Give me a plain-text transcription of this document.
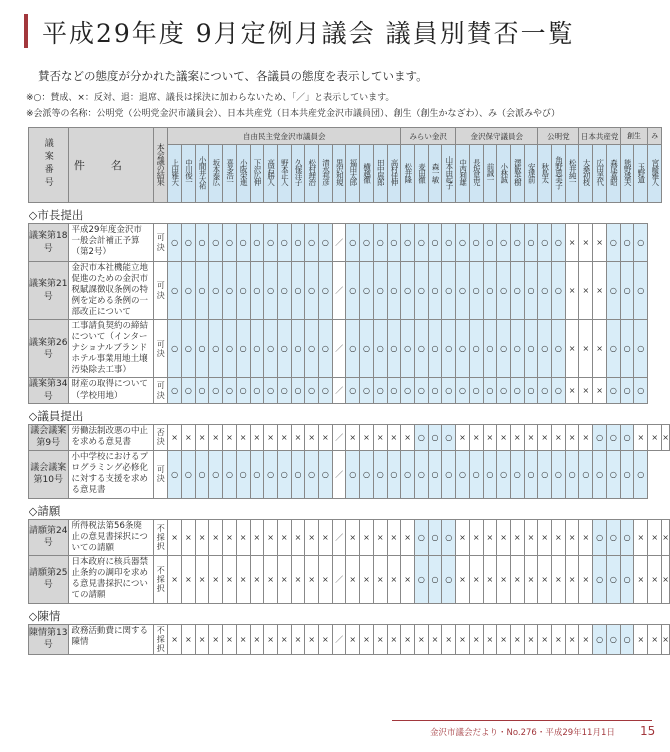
平成29年度 9月定例月議会 議員別賛否一覧
賛否などの態度が分かれた議案について、各議員の態度を表示しています。
※○：賛成、×：反対、退：退席、議長は採決に加わらないため、「／」と表示しています。
※会派等の名称：公明党（公明党金沢市議員会）、日本共産党（日本共産党金沢市議員団）、創生（創生かなざわ）、み（会派みやび）
議案番号	件名	本会議の結果	自由民主党金沢市議員会																	みらい金沢				金沢保守議員会						公明党			日本共産党			創生		み	
			上田雅大	中川俊一	小間井大祐	坂本泰広	喜多浩一	小阪栄進	下沢広伸	高岩勝人	野本正人	久保洋子	松村理治	清水邦彦	黒沢和規	福田太郎	横越徹	田中展郎	高村佳伸	松井隆	麦田徹	森一敏	山本由起子	中西利雄	長坂星児	前誠一	小林誠	澤飯英樹	安達前	秋島太	角野恵美子	松井純一	大桑初枝	広田美代	森尾嘉昭	熊野盛夫	玉野道	宮崎雅人	
◇市長提出																																							
議案第18号	平成29年度金沢市一般会計補正予算（第2号）	可決	○	○	○	○	○	○	○	○	○	○	○	○	／	○	○	○	○	○	○	○	○	○	○	○	○	○	○	○	○	×	×	×	○	○	○		
議案第21号	金沢市本社機能立地促進のための金沢市税賦課徴収条例の特例を定める条例の一部改正について	可決	○	○	○	○	○	○	○	○	○	○	○	○	／	○	○	○	○	○	○	○	○	○	○	○	○	○	○	○	○	×	×	×	○	○	○		
議案第26号	工事請負契約の締結について（インターナショナルブランドホテル事業用地土壌汚染除去工事）	可決	○	○	○	○	○	○	○	○	○	○	○	○	／	○	○	○	○	○	○	○	○	○	○	○	○	○	○	○	○	×	×	×	○	○	○		
議案第34号	財産の取得について（学校用地）	可決	○	○	○	○	○	○	○	○	○	○	○	○	／	○	○	○	○	○	○	○	○	○	○	○	○	○	○	○	○	×	×	×	○	○	○		
◇議員提出																																							
議会議案第9号	労働法制改悪の中止を求める意見書	否決	×	×	×	×	×	×	×	×	×	×	×	×	／	×	×	×	×	×	○	○	○	×	×	×	×	×	×	×	×	×	×	○	○	○	×	×	×
議会議案第10号	小中学校におけるプログラミング必修化に対する支援を求める意見書	可決	○	○	○	○	○	○	○	○	○	○	○	○	／	○	○	○	○	○	○	○	○	○	○	○	○	○	○	○	○	○	○	○	○	○	○		
◇請願																																							
請願第24号	所得税法第56条廃止の意見書採択についての請願	不採択	×	×	×	×	×	×	×	×	×	×	×	×	／	×	×	×	×	×	○	○	○	×	×	×	×	×	×	×	×	×	×	○	○	○	×	×	×
請願第25号	日本政府に核兵器禁止条約の調印を求める意見書採択についての請願	不採択	×	×	×	×	×	×	×	×	×	×	×	×	／	×	×	×	×	×	○	○	○	×	×	×	×	×	×	×	×	×	×	○	○	○	×	×	×
◇陳情																																							
陳情第13号	政務活動費に関する陳情	不採択	×	×	×	×	×	×	×	×	×	×	×	×	／	×	×	×	×	×	×	×	×	×	×	×	×	×	×	×	×	×	×	○	○	○	×	×	×
金沢市議会だより・No.276・平成29年11月1日 15
